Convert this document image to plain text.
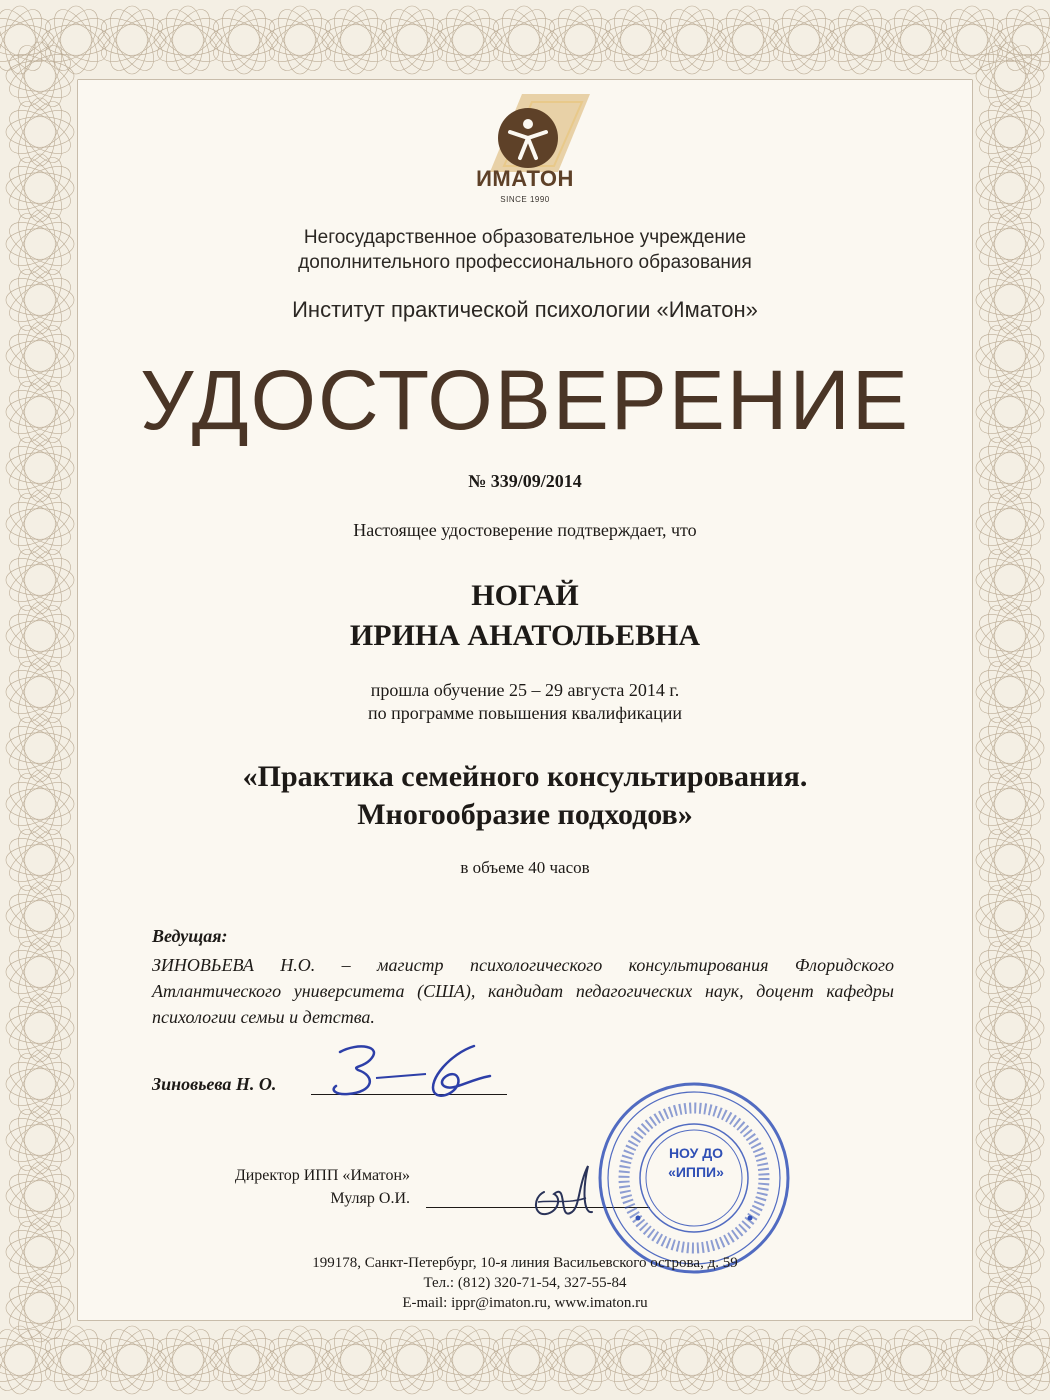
ИМАТОН
SINCE 1990
Негосударственное образовательное учреждение
дополнительного профессионального образования
Институт практической психологии «Иматон»
УДОСТОВЕРЕНИЕ
№ 339/09/2014
Настоящее удостоверение подтверждает, что
НОГАЙ
ИРИНА АНАТОЛЬЕВНА
прошла обучение 25 – 29 августа 2014 г.
по программе повышения квалификации
«Практика семейного консультирования.
Многообразие подходов»
в объеме 40 часов
Ведущая:
ЗИНОВЬЕВА Н.О. – магистр психологического консультирования Флоридского Атлантического университета (США), кандидат педагогических наук, доцент кафедры психологии семьи и детства.
Зиновьева Н. О.
Директор ИПП «Иматон»
Муляр О.И.
НОУ ДО
«ИППИ»
199178, Санкт-Петербург, 10-я линия Васильевского острова, д. 59
Тел.: (812) 320-71-54, 327-55-84
E-mail: ippr@imaton.ru, www.imaton.ru
